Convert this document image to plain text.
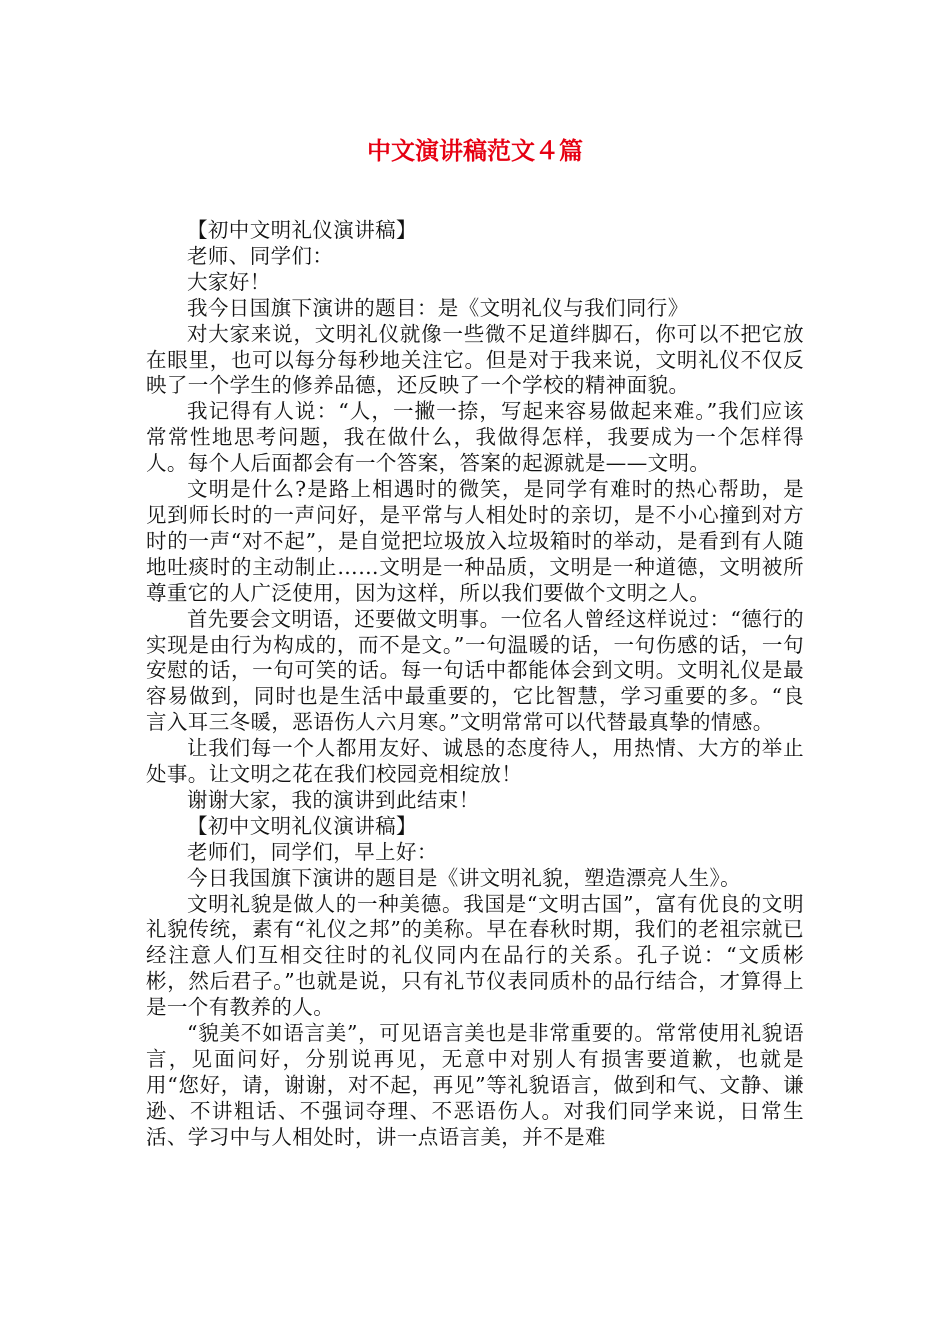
中文演讲稿范文４篇

【初中文明礼仪演讲稿】

老师、同学们：

大家好！

我今日国旗下演讲的题目：是《文明礼仪与我们同行》

对大家来说，文明礼仪就像一些微不足道绊脚石，你可以不把它放在眼里，也可以每分每秒地关注它。但是对于我来说，文明礼仪不仅反映了一个学生的修养品德，还反映了一个学校的精神面貌。

我记得有人说：“人，一撇一捺，写起来容易做起来难。”我们应该常常性地思考问题，我在做什么，我做得怎样，我要成为一个怎样得人。每个人后面都会有一个答案，答案的起源就是——文明。

文明是什么?是路上相遇时的微笑，是同学有难时的热心帮助，是见到师长时的一声问好，是平常与人相处时的亲切，是不小心撞到对方时的一声“对不起”，是自觉把垃圾放入垃圾箱时的举动，是看到有人随地吐痰时的主动制止……文明是一种品质，文明是一种道德，文明被所尊重它的人广泛使用，因为这样，所以我们要做个文明之人。

首先要会文明语，还要做文明事。一位名人曾经这样说过：“德行的实现是由行为构成的，而不是文。”一句温暖的话，一句伤感的话，一句安慰的话，一句可笑的话。每一句话中都能体会到文明。文明礼仪是最容易做到，同时也是生活中最重要的，它比智慧，学习重要的多。“良言入耳三冬暖，恶语伤人六月寒。”文明常常可以代替最真挚的情感。

让我们每一个人都用友好、诚恳的态度待人，用热情、大方的举止处事。让文明之花在我们校园竞相绽放！

谢谢大家，我的演讲到此结束！

【初中文明礼仪演讲稿】

老师们，同学们，早上好：

今日我国旗下演讲的题目是《讲文明礼貌，塑造漂亮人生》。

文明礼貌是做人的一种美德。我国是“文明古国”，富有优良的文明礼貌传统，素有“礼仪之邦”的美称。早在春秋时期，我们的老祖宗就已经注意人们互相交往时的礼仪同内在品行的关系。孔子说：“文质彬彬，然后君子。”也就是说，只有礼节仪表同质朴的品行结合，才算得上是一个有教养的人。

“貌美不如语言美”，可见语言美也是非常重要的。常常使用礼貌语言，见面问好，分别说再见，无意中对别人有损害要道歉，也就是用“您好，请，谢谢，对不起，再见”等礼貌语言，做到和气、文静、谦逊、不讲粗话、不强词夺理、不恶语伤人。对我们同学来说，日常生活、学习中与人相处时，讲一点语言美，并不是难
